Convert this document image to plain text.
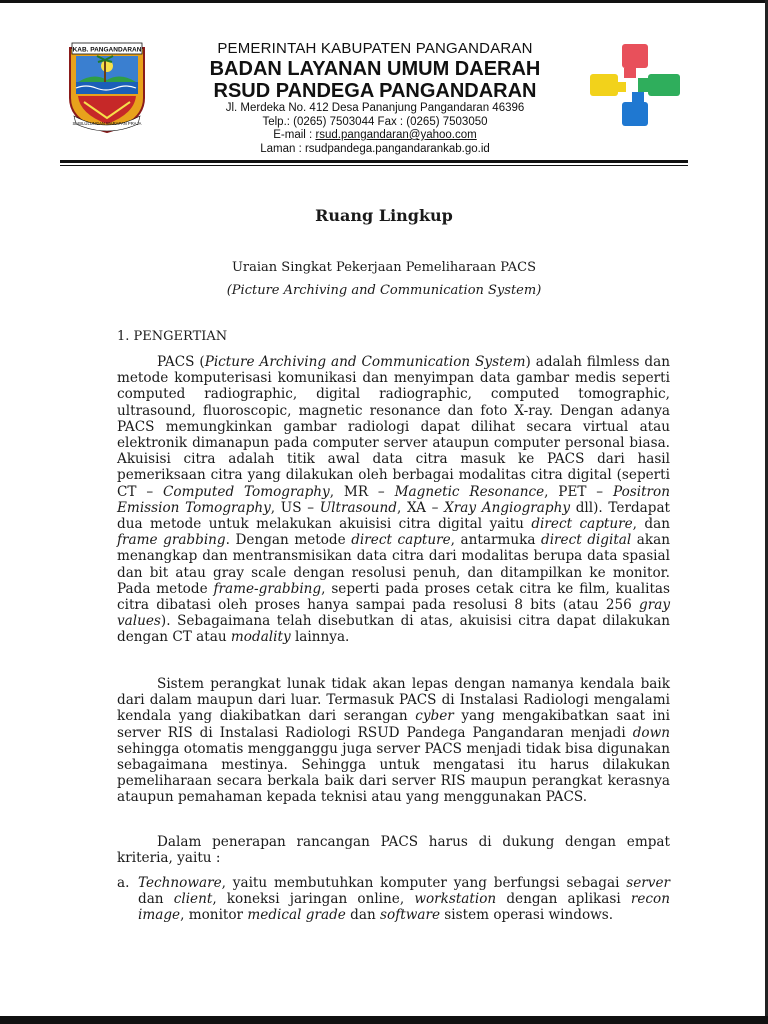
KAB. PANGANDARAN
SABILULUNGAN WARAPAN PRAJA
PEMERINTAH KABUPATEN PANGANDARAN
BADAN LAYANAN UMUM DAERAH
RSUD PANDEGA PANGANDARAN
Jl. Merdeka No. 412 Desa Pananjung Pangandaran 46396
Telp.: (0265) 7503044 Fax : (0265) 7503050
E-mail : rsud.pangandaran@yahoo.com
Laman : rsudpandega.pangandarankab.go.id
Ruang Lingkup
Uraian Singkat Pekerjaan Pemeliharaan PACS
(Picture Archiving and Communication System)
1. PENGERTIAN
PACS (Picture Archiving and Communication System) adalah filmless dan metode komputerisasi komunikasi dan menyimpan data gambar medis seperti computed radiographic, digital radiographic, computed tomographic, ultrasound, fluoroscopic, magnetic resonance dan foto X-ray. Dengan adanya PACS memungkinkan gambar radiologi dapat dilihat secara virtual atau elektronik dimanapun pada computer server ataupun computer personal biasa. Akuisisi citra adalah titik awal data citra masuk ke PACS dari hasil pemeriksaan citra yang dilakukan oleh berbagai modalitas citra digital (seperti CT – Computed Tomography, MR – Magnetic Resonance, PET – Positron Emission Tomography, US – Ultrasound, XA – Xray Angiography dll). Terdapat dua metode untuk melakukan akuisisi citra digital yaitu direct capture, dan frame grabbing. Dengan metode direct capture, antarmuka direct digital akan menangkap dan mentransmisikan data citra dari modalitas berupa data spasial dan bit atau gray scale dengan resolusi penuh, dan ditampilkan ke monitor. Pada metode frame-grabbing, seperti pada proses cetak citra ke film, kualitas citra dibatasi oleh proses hanya sampai pada resolusi 8 bits (atau 256 gray values). Sebagaimana telah disebutkan di atas, akuisisi citra dapat dilakukan dengan CT atau modality lainnya.
Sistem perangkat lunak tidak akan lepas dengan namanya kendala baik dari dalam maupun dari luar. Termasuk PACS di Instalasi Radiologi mengalami kendala yang diakibatkan dari serangan cyber yang mengakibatkan saat ini server RIS di Instalasi Radiologi RSUD Pandega Pangandaran menjadi down sehingga otomatis mengganggu juga server PACS menjadi tidak bisa digunakan sebagaimana mestinya. Sehingga untuk mengatasi itu harus dilakukan pemeliharaan secara berkala baik dari server RIS maupun perangkat kerasnya ataupun pemahaman kepada teknisi atau yang menggunakan PACS.
Dalam penerapan rancangan PACS harus di dukung dengan empat kriteria, yaitu :
a. Technoware, yaitu membutuhkan komputer yang berfungsi sebagai server dan client, koneksi jaringan online, workstation dengan aplikasi recon image, monitor medical grade dan software sistem operasi windows.
